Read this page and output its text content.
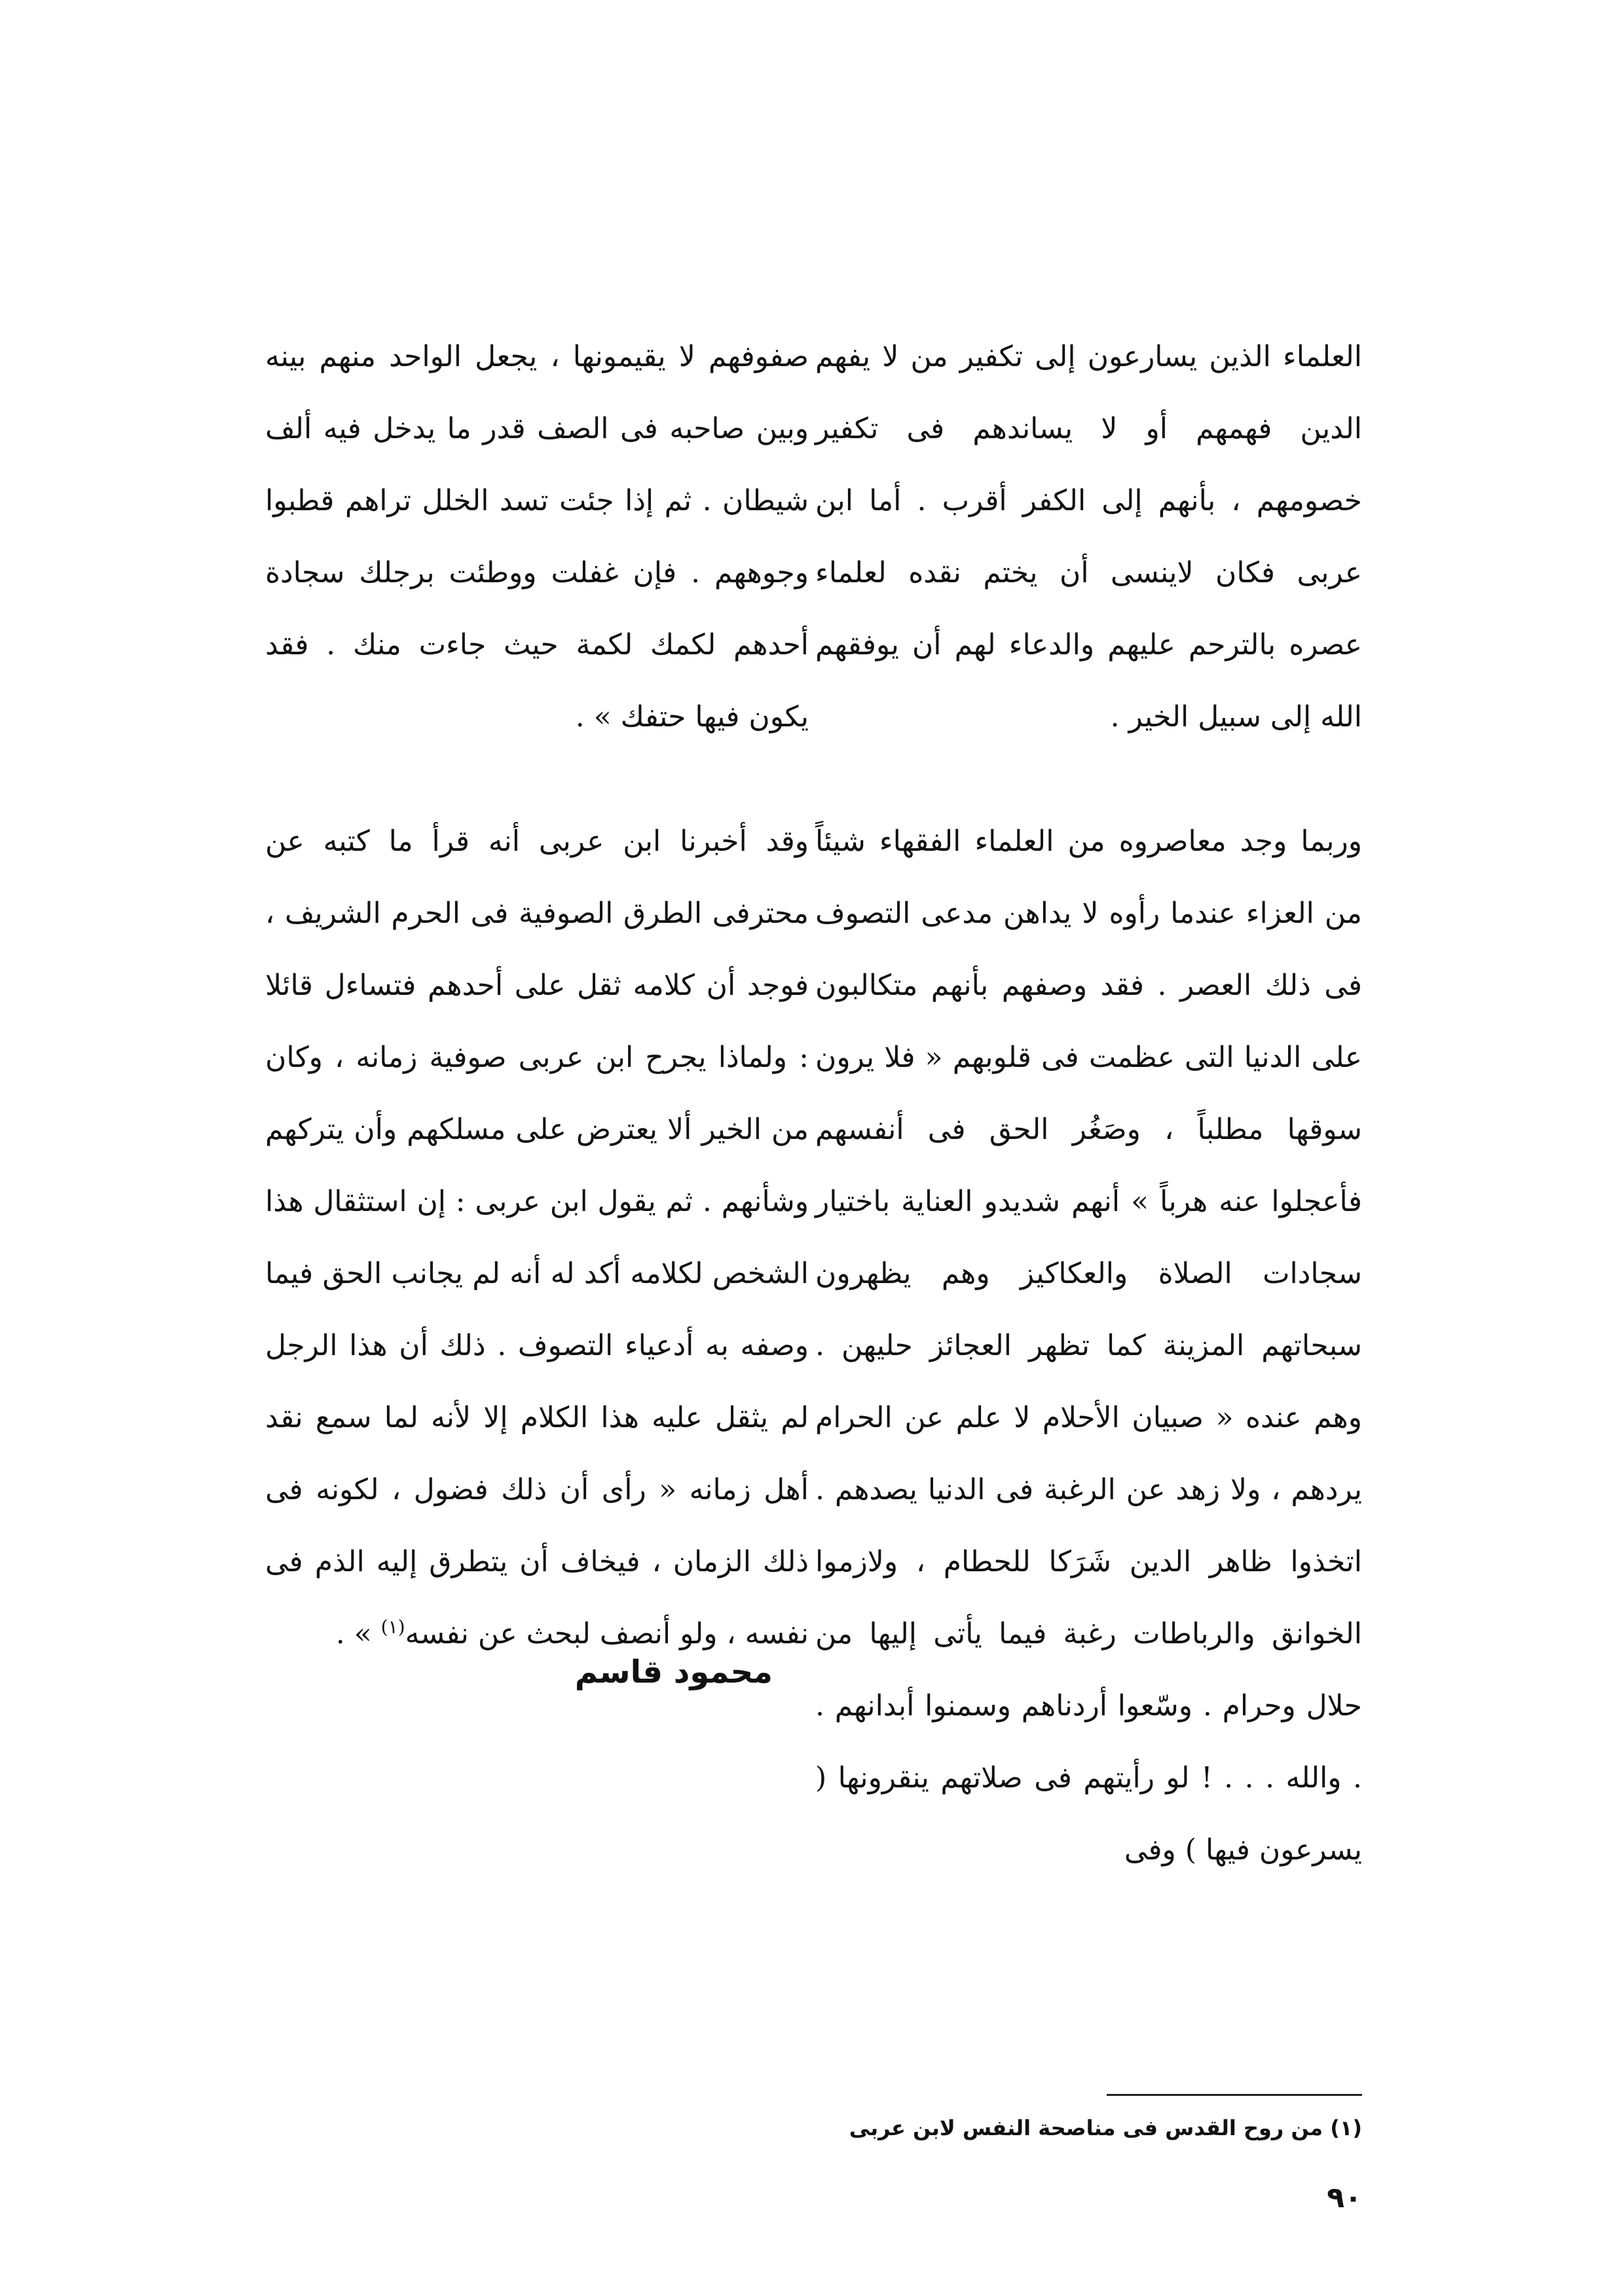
العلماء الذين يسارعون إلى تكفير من لا يفهم الدين فهمهم أو لا يساندهم فى تكفير خصومهم ، بأنهم إلى الكفر أقرب . أما ابن عربى فكان لاينسى أن يختم نقده لعلماء عصره بالترحم عليهم والدعاء لهم أن يوفقهم الله إلى سبيل الخير .

وربما وجد معاصروه من العلماء الفقهاء شيئاً من العزاء عندما رأوه لا يداهن مدعى التصوف فى ذلك العصر . فقد وصفهم بأنهم متكالبون على الدنيا التى عظمت فى قلوبهم « فلا يرون سوقها مطلباً ، وصَغُر الحق فى أنفسهم فأعجلوا عنه هرباً » أنهم شديدو العناية باختيار سجادات الصلاة والعكاكيز وهم يظهرون سبحاتهم المزينة كما تظهر العجائز حليهن . وهم عنده « صبيان الأحلام لا علم عن الحرام يردهم ، ولا زهد عن الرغبة فى الدنيا يصدهم . اتخذوا ظاهر الدين شَرَكا للحطام ، ولازموا الخوانق والرباطات رغبة فيما يأتى إليها من حلال وحرام . وسّعوا أردناهم وسمنوا أبدانهم . . والله . . . ! لو رأيتهم فى صلاتهم ينقرونها ( يسرعون فيها ) وفى

صفوفهم لا يقيمونها ، يجعل الواحد منهم بينه وبين صاحبه فى الصف قدر ما يدخل فيه ألف شيطان . ثم إذا جئت تسد الخلل تراهم قطبوا وجوههم . فإن غفلت ووطئت برجلك سجادة أحدهم لكمك لكمة حيث جاءت منك . فقد يكون فيها حتفك » .

وقد أخبرنا ابن عربى أنه قرأ ما كتبه عن محترفى الطرق الصوفية فى الحرم الشريف ، فوجد أن كلامه ثقل على أحدهم فتساءل قائلا : ولماذا يجرح ابن عربى صوفية زمانه ، وكان من الخير ألا يعترض على مسلكهم وأن يتركهم وشأنهم . ثم يقول ابن عربى : إن استثقال هذا الشخص لكلامه أكد له أنه لم يجانب الحق فيما وصفه به أدعياء التصوف . ذلك أن هذا الرجل لم يثقل عليه هذا الكلام إلا لأنه لما سمع نقد أهل زمانه « رأى أن ذلك فضول ، لكونه فى ذلك الزمان ، فيخاف أن يتطرق إليه الذم فى نفسه ، ولو أنصف لبحث عن نفسه$^{(١)}$ » .

محمود قاسم
(١) من روح القدس فى مناصحة النفس لابن عربى
٩٠
